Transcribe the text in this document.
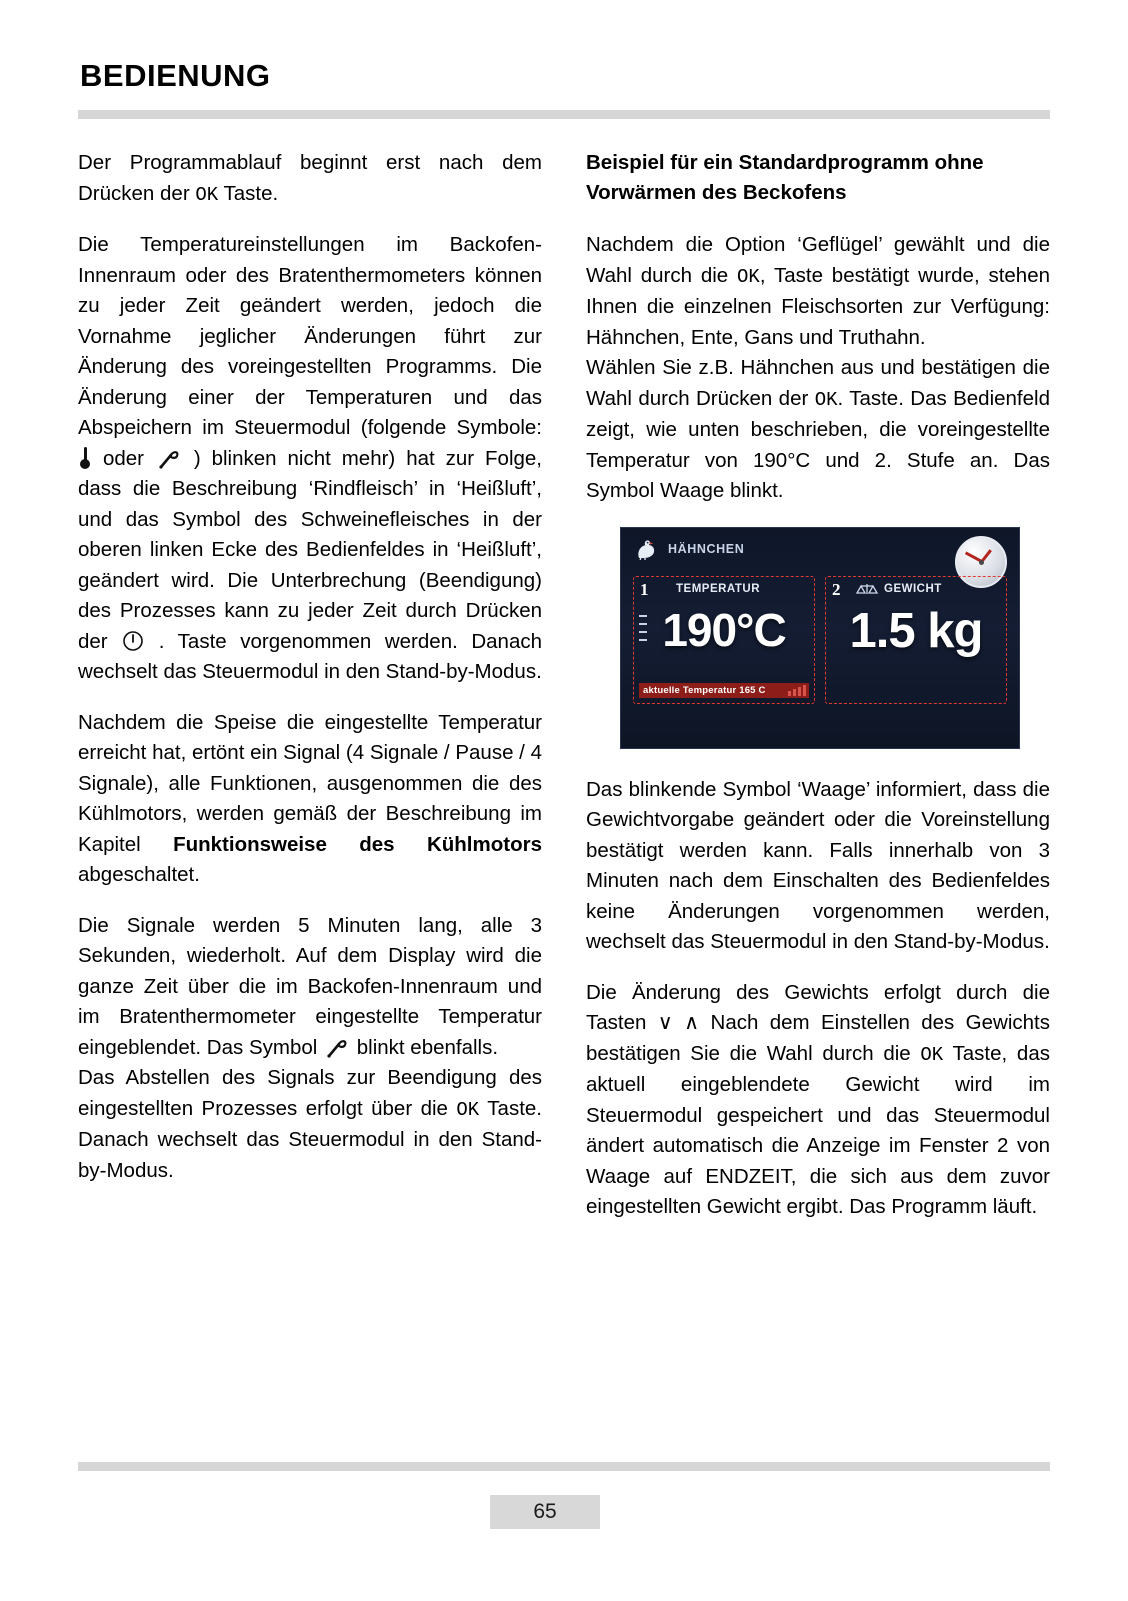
BEDIENUNG

Der Programmablauf beginnt erst nach dem Drücken der OK Taste.

Die Temperatureinstellungen im Backofen-Innenraum oder des Bratenthermometers können zu jeder Zeit geändert werden, jedoch die Vornahme jeglicher Änderungen führt zur Änderung des voreingestellten Programms. Die Änderung einer der Temperaturen und das Abspeichern im Steuermodul (folgende Symbole:
oder ) blinken nicht mehr) hat zur Folge, dass die Beschreibung ‘Rindfleisch’ in ‘Heißluft’, und das Symbol des Schweinefleisches in der oberen linken Ecke des Bedienfeldes in ‘Heißluft’, geändert wird. Die Unterbrechung (Beendigung) des Prozesses kann zu jeder Zeit durch Drücken der . Taste vorgenommen werden. Danach wechselt das Steuermodul in den Stand-by-Modus.

Nachdem die Speise die eingestellte Temperatur erreicht hat, ertönt ein Signal (4 Signale / Pause / 4 Signale), alle Funktionen, ausgenommen die des Kühlmotors, werden gemäß der Beschreibung im Kapitel Funktionsweise des Kühlmotors abgeschaltet.

Die Signale werden 5 Minuten lang, alle 3 Sekunden, wiederholt. Auf dem Display wird die ganze Zeit über die im Backofen-Innenraum und im Bratenthermometer eingestellte Temperatur eingeblendet. Das Symbol blinkt ebenfalls.

Das Abstellen des Signals zur Beendigung des eingestellten Prozesses erfolgt über die OK Taste. Danach wechselt das Steuermodul in den Stand-by-Modus.

Beispiel für ein Standardprogramm ohne Vorwärmen des Beckofens

Nachdem die Option ‘Geflügel’ gewählt und die Wahl durch die OK, Taste bestätigt wurde, stehen Ihnen die einzelnen Fleischsorten zur Verfügung: Hähnchen, Ente, Gans und Truthahn.

Wählen Sie z.B. Hähnchen aus und bestätigen die Wahl durch Drücken der OK. Taste. Das Bedienfeld zeigt, wie unten beschrieben, die voreingestellte Temperatur von 190°C und 2. Stufe an. Das Symbol Waage blinkt.

HÄHNCHEN
1 TEMPERATUR
190°C
aktuelle Temperatur 165 C
2	GEWICHT
1.5 kg

Das blinkende Symbol ‘Waage’ informiert, dass die Gewichtvorgabe geändert oder die Voreinstellung bestätigt werden kann. Falls innerhalb von 3 Minuten nach dem Einschalten des Bedienfeldes keine Änderungen vorgenommen werden, wechselt das Steuermodul in den Stand-by-Modus.

Die Änderung des Gewichts erfolgt durch die Tasten ∨ ∧ Nach dem Einstellen des Gewichts bestätigen Sie die Wahl durch die OK Taste, das aktuell eingeblendete Gewicht wird im Steuermodul gespeichert und das Steuermodul ändert automatisch die Anzeige im Fenster 2 von Waage auf ENDZEIT, die sich aus dem zuvor eingestellten Gewicht ergibt. Das Programm läuft.

65
